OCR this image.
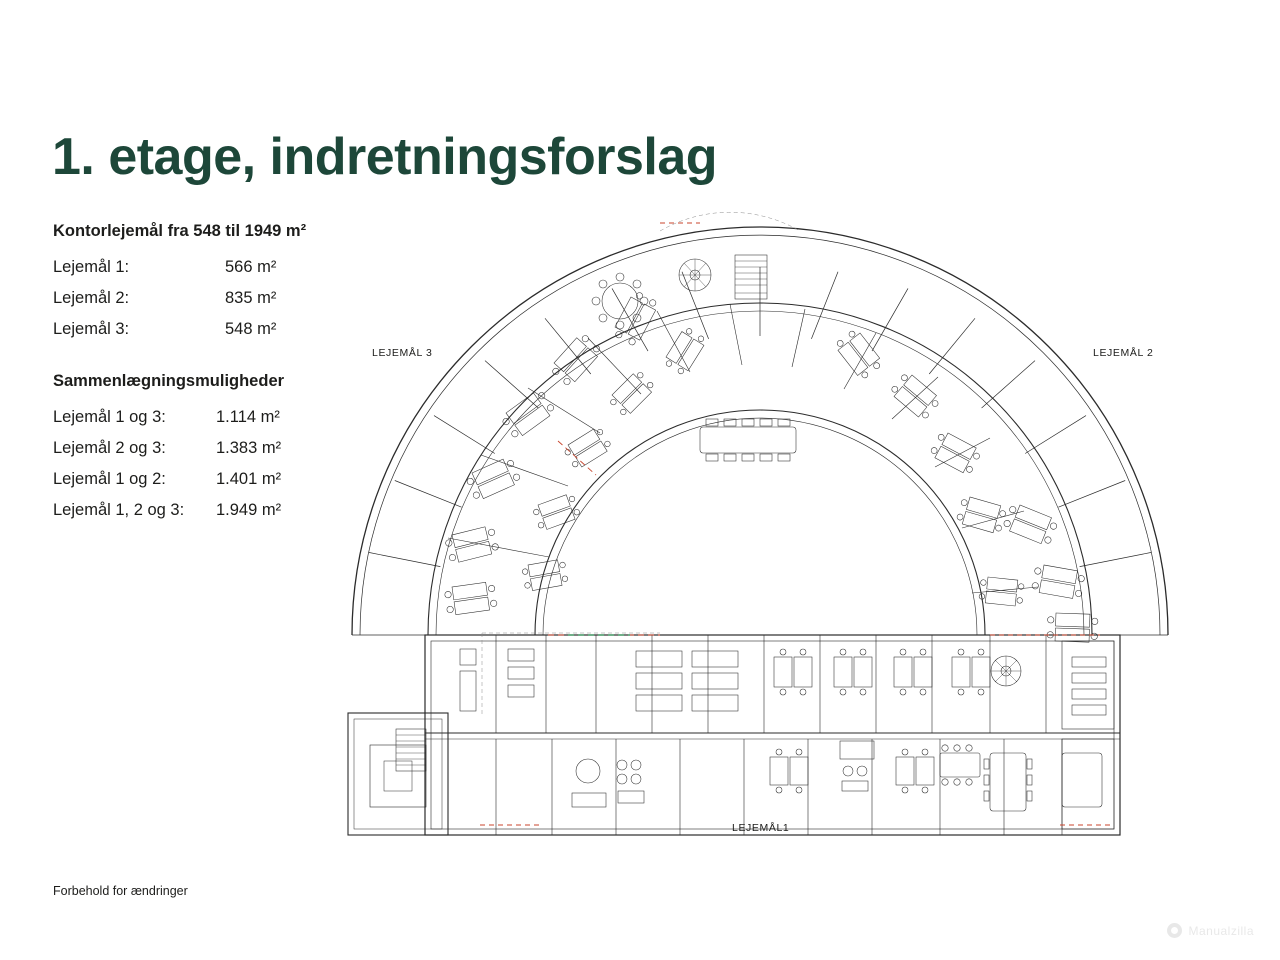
1. etage, indretningsforslag
Kontorlejemål fra 548 til 1949 m²
Lejemål 1:	566 m²
Lejemål 2:	835 m²
Lejemål 3:	548 m²
Sammenlægningsmuligheder
Lejemål 1 og 3:	1.114 m²
Lejemål 2 og 3:	1.383 m²
Lejemål 1 og 2:	1.401 m²
Lejemål 1, 2 og 3:	1.949 m²
Forbehold for ændringer
LEJEMÅL 3	LEJEMÅL 2
LEJEMÅL1
Manualzilla
